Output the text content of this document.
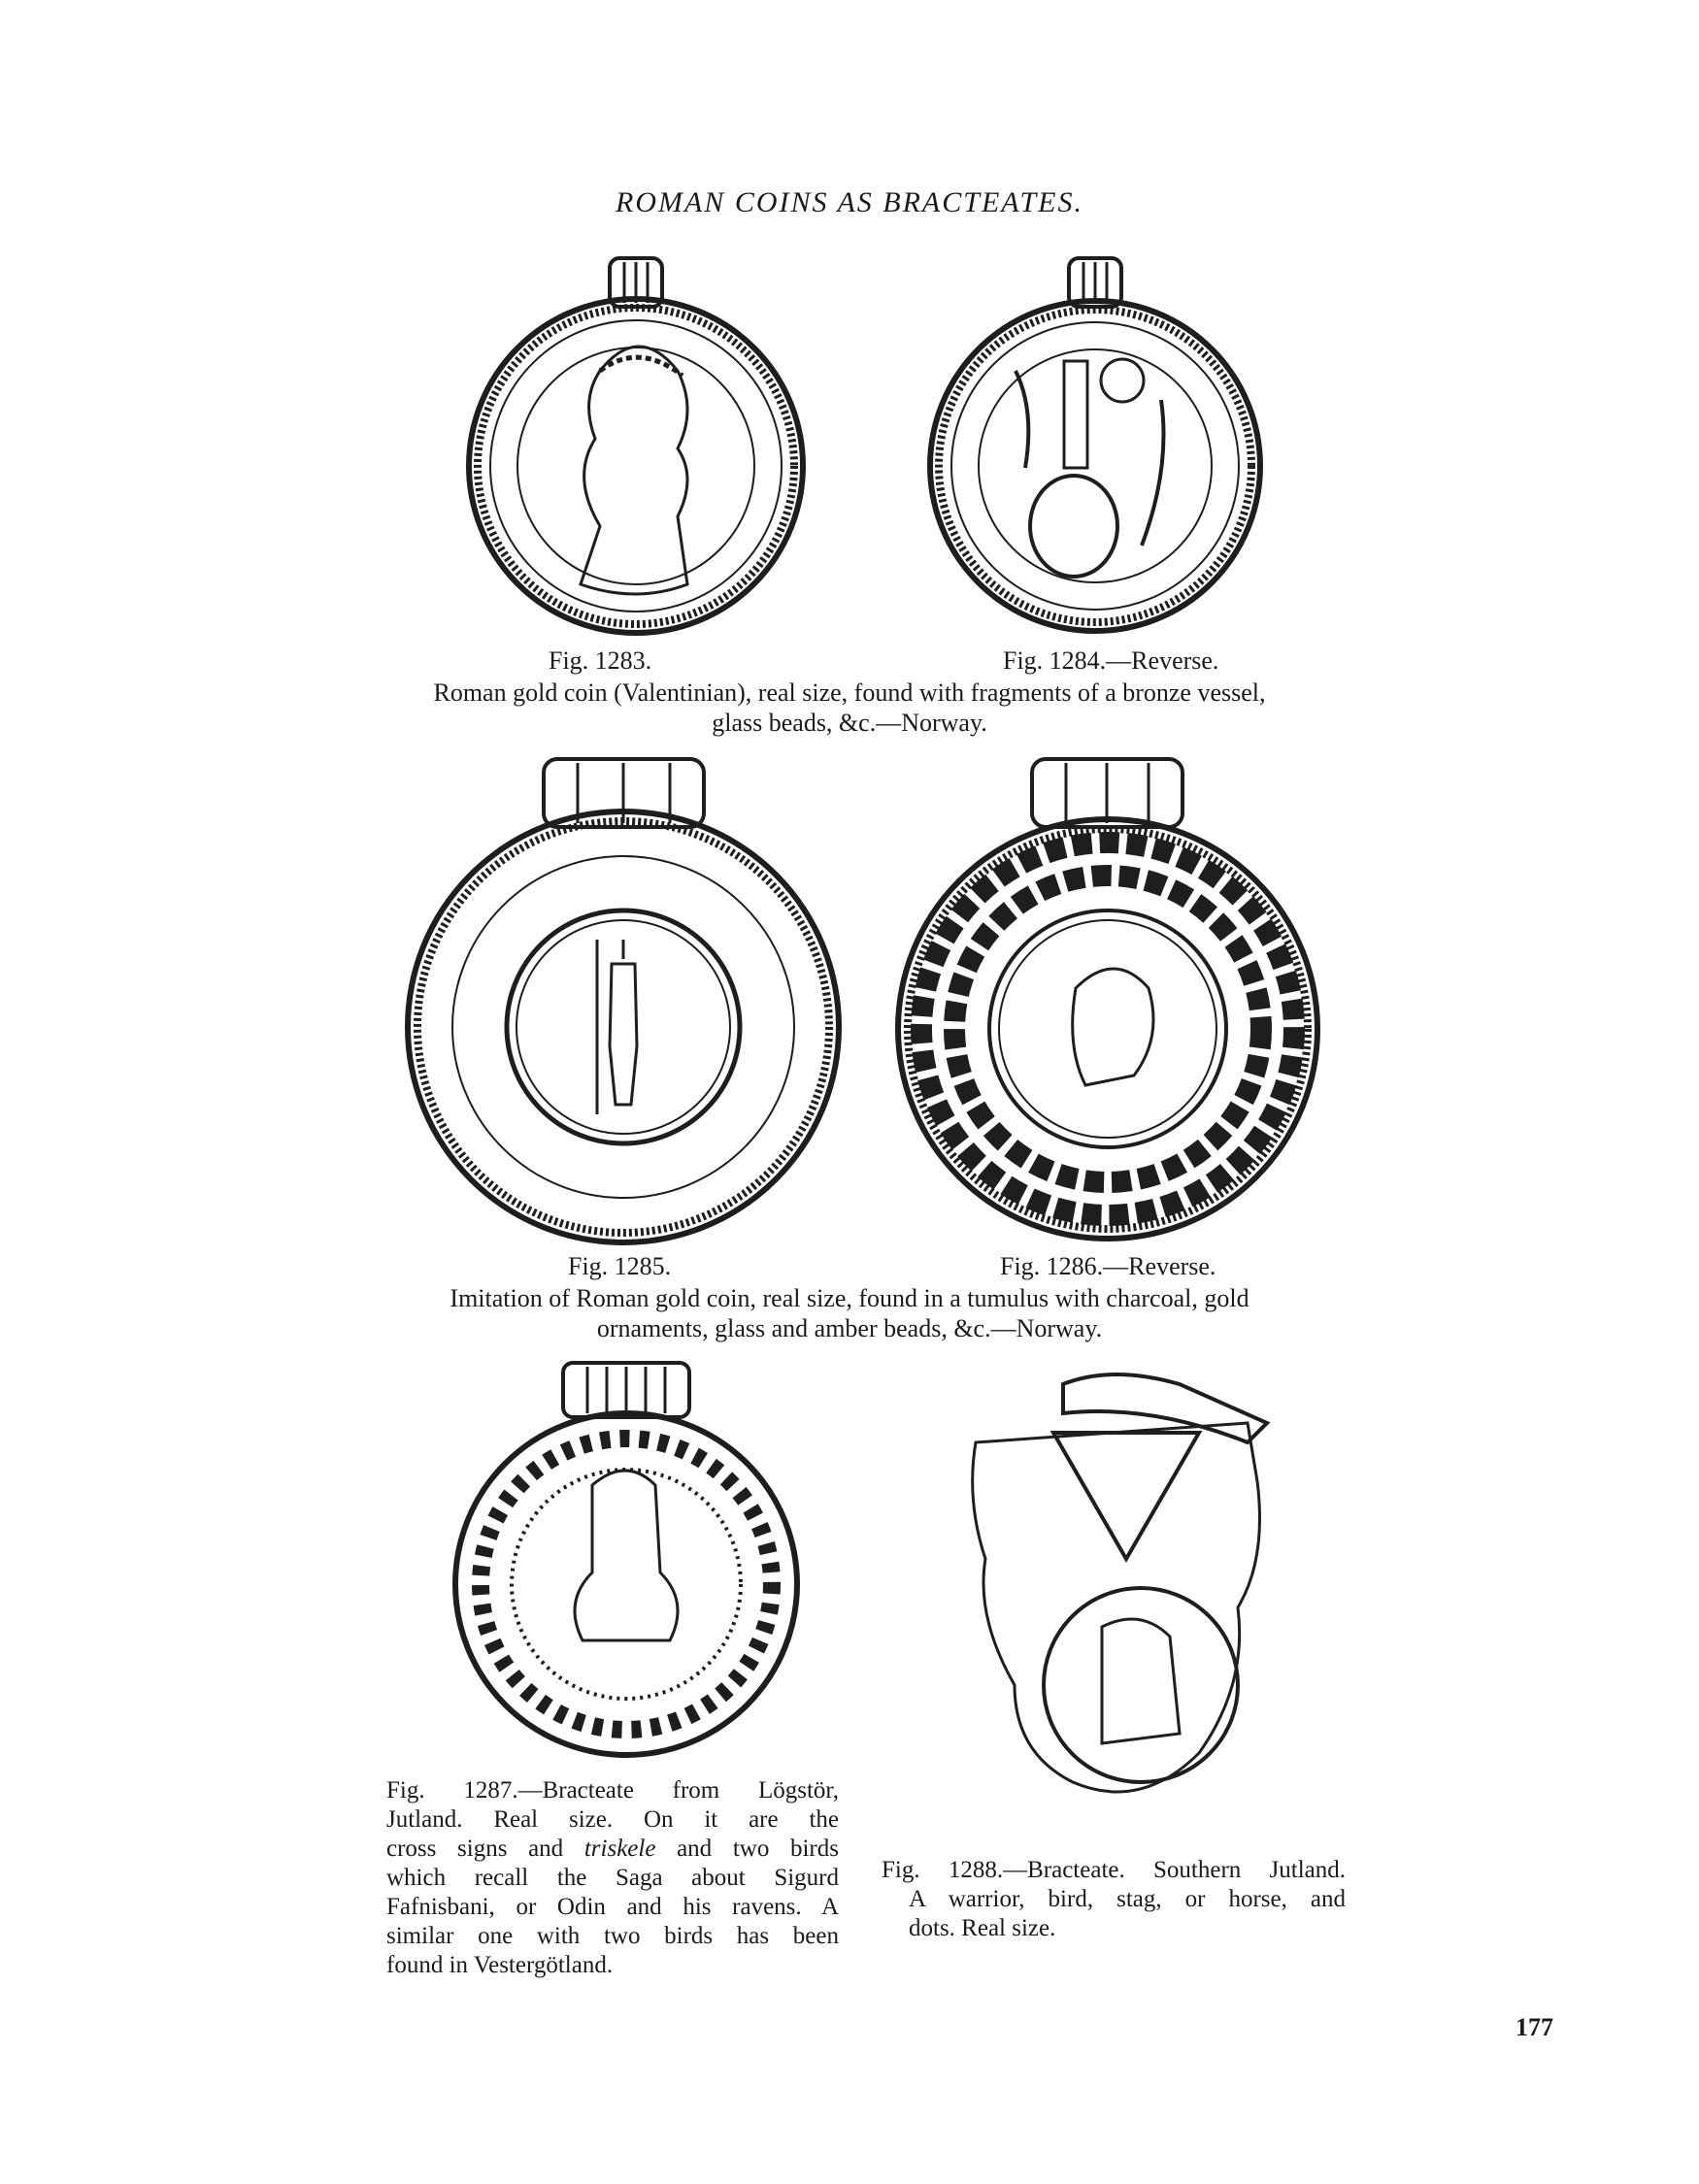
ROMAN COINS AS BRACTEATES.
Fig. 1283.	Fig. 1284.—Reverse.
Roman gold coin (Valentinian), real size, found with fragments of a bronze vessel,
glass beads, &c.—Norway.
Fig. 1285.	Fig. 1286.—Reverse.
Imitation of Roman gold coin, real size, found in a tumulus with charcoal, gold
ornaments, glass and amber beads, &c.—Norway.
Fig. 1287.—Bracteate from Lögstör,
Jutland. Real size. On it are the
cross signs and triskele and two birds
which recall the Saga about Sigurd
Fafnisbani, or Odin and his ravens. A
similar one with two birds has been
found in Vestergötland.
Fig. 1288.—Bracteate. Southern Jutland.
A warrior, bird, stag, or horse, and
dots. Real size.
177
